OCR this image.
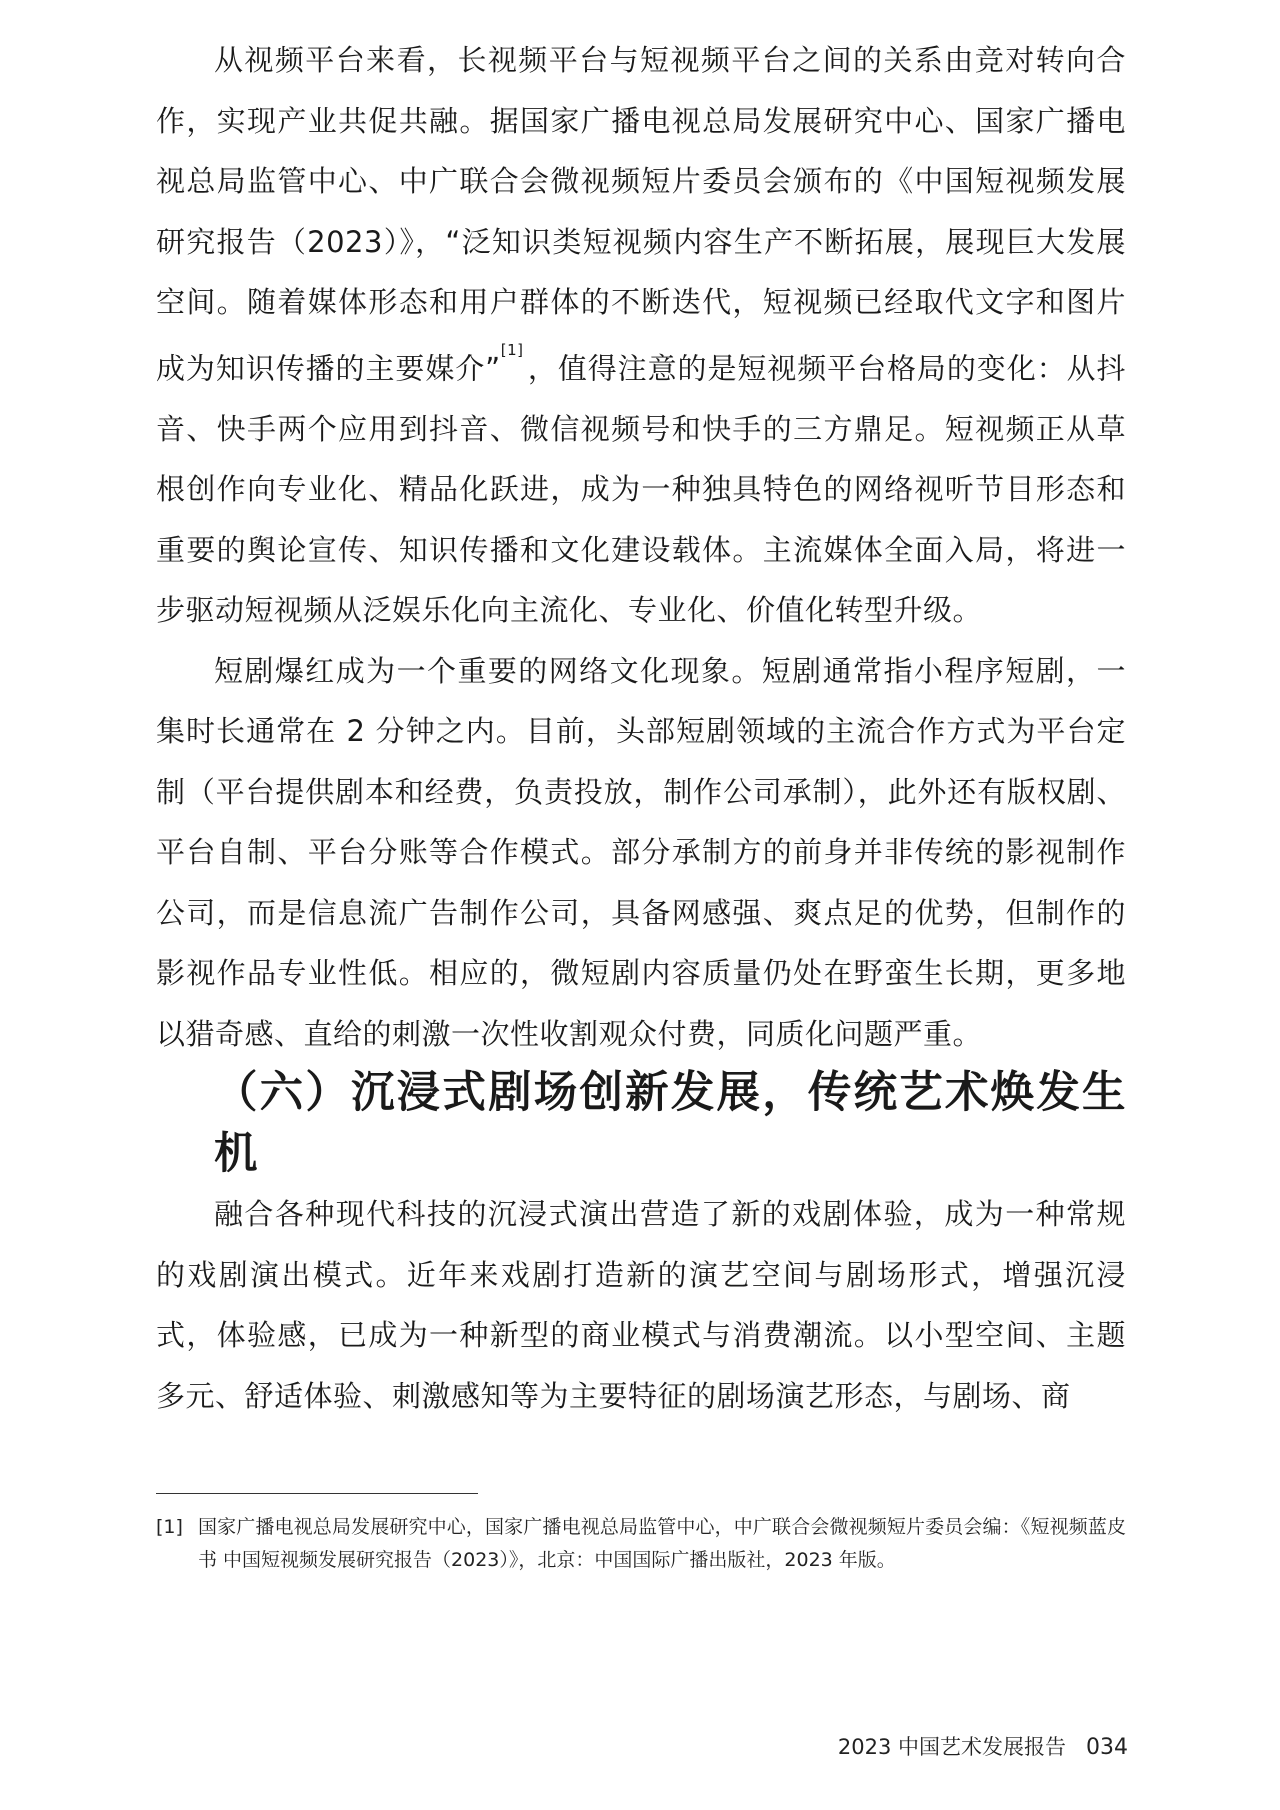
从视频平台来看，长视频平台与短视频平台之间的关系由竞对转向合作，实现产业共促共融。据国家广播电视总局发展研究中心、国家广播电视总局监管中心、中广联合会微视频短片委员会颁布的《中国短视频发展研究报告（2023）》，“泛知识类短视频内容生产不断拓展，展现巨大发展空间。随着媒体形态和用户群体的不断迭代，短视频已经取代文字和图片成为知识传播的主要媒介”[1]，值得注意的是短视频平台格局的变化：从抖音、快手两个应用到抖音、微信视频号和快手的三方鼎足。短视频正从草根创作向专业化、精品化跃进，成为一种独具特色的网络视听节目形态和重要的舆论宣传、知识传播和文化建设载体。主流媒体全面入局，将进一步驱动短视频从泛娱乐化向主流化、专业化、价值化转型升级。

短剧爆红成为一个重要的网络文化现象。短剧通常指小程序短剧，一集时长通常在 2 分钟之内。目前，头部短剧领域的主流合作方式为平台定制（平台提供剧本和经费，负责投放，制作公司承制），此外还有版权剧、平台自制、平台分账等合作模式。部分承制方的前身并非传统的影视制作公司，而是信息流广告制作公司，具备网感强、爽点足的优势，但制作的影视作品专业性低。相应的，微短剧内容质量仍处在野蛮生长期，更多地以猎奇感、直给的刺激一次性收割观众付费，同质化问题严重。

（六）沉浸式剧场创新发展，传统艺术焕发生机

融合各种现代科技的沉浸式演出营造了新的戏剧体验，成为一种常规的戏剧演出模式。近年来戏剧打造新的演艺空间与剧场形式，增强沉浸式，体验感，已成为一种新型的商业模式与消费潮流。以小型空间、主题多元、舒适体验、刺激感知等为主要特征的剧场演艺形态，与剧场、商

[1] 国家广播电视总局发展研究中心，国家广播电视总局监管中心，中广联合会微视频短片委员会编：《短视频蓝皮书 中国短视频发展研究报告（2023）》，北京：中国国际广播出版社，2023 年版。

2023 中国艺术发展报告 034
